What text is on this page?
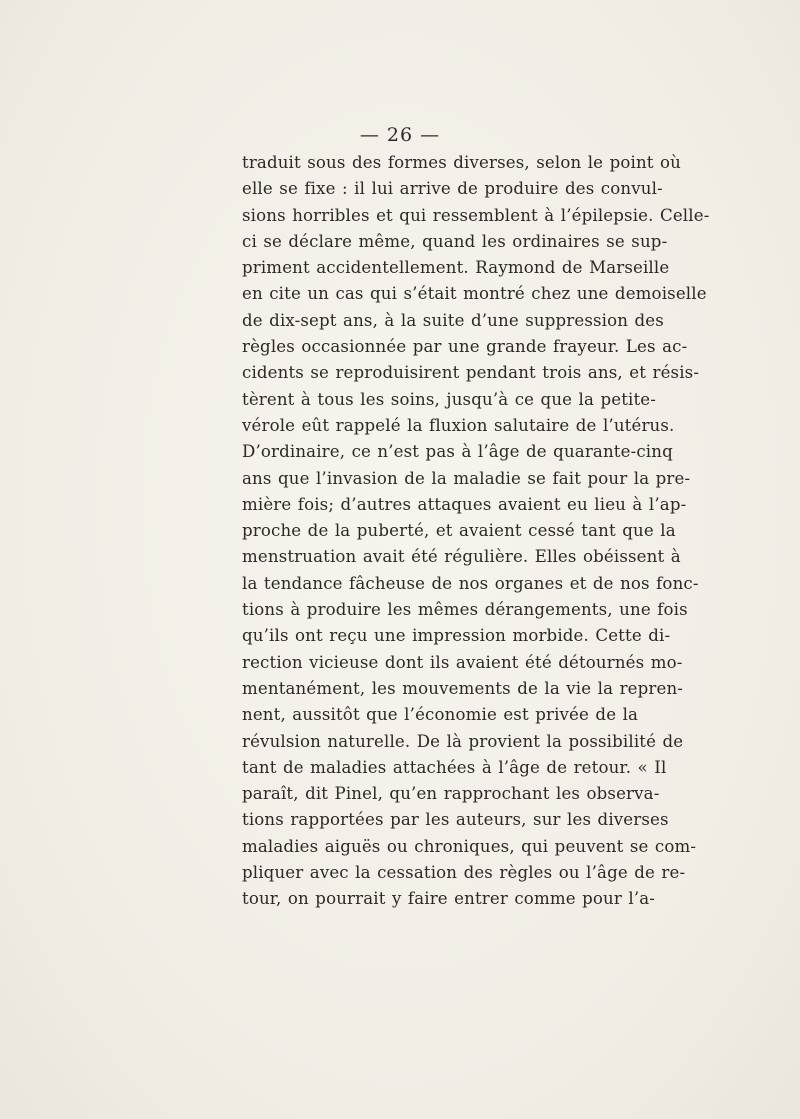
— 26 —
traduit sous des formes diverses, selon le point où
elle se fixe : il lui arrive de produire des convul-
sions horribles et qui ressemblent à l’épilepsie. Celle-
ci se déclare même, quand les ordinaires se sup-
priment accidentellement. Raymond de Marseille
en cite un cas qui s’était montré chez une demoiselle
de dix-sept ans, à la suite d’une suppression des
règles occasionnée par une grande frayeur. Les ac-
cidents se reproduisirent pendant trois ans, et résis-
tèrent à tous les soins, jusqu’à ce que la petite-
vérole eût rappelé la fluxion salutaire de l’utérus.
D’ordinaire, ce n’est pas à l’âge de quarante-cinq
ans que l’invasion de la maladie se fait pour la pre-
mière fois; d’autres attaques avaient eu lieu à l’ap-
proche de la puberté, et avaient cessé tant que la
menstruation avait été régulière. Elles obéissent à
la tendance fâcheuse de nos organes et de nos fonc-
tions à produire les mêmes dérangements, une fois
qu’ils ont reçu une impression morbide. Cette di-
rection vicieuse dont ils avaient été détournés mo-
mentanément, les mouvements de la vie la repren-
nent, aussitôt que l’économie est privée de la
révulsion naturelle. De là provient la possibilité de
tant de maladies attachées à l’âge de retour. « Il
paraît, dit Pinel, qu’en rapprochant les observa-
tions rapportées par les auteurs, sur les diverses
maladies aiguës ou chroniques, qui peuvent se com-
pliquer avec la cessation des règles ou l’âge de re-
tour, on pourrait y faire entrer comme pour l’a-
